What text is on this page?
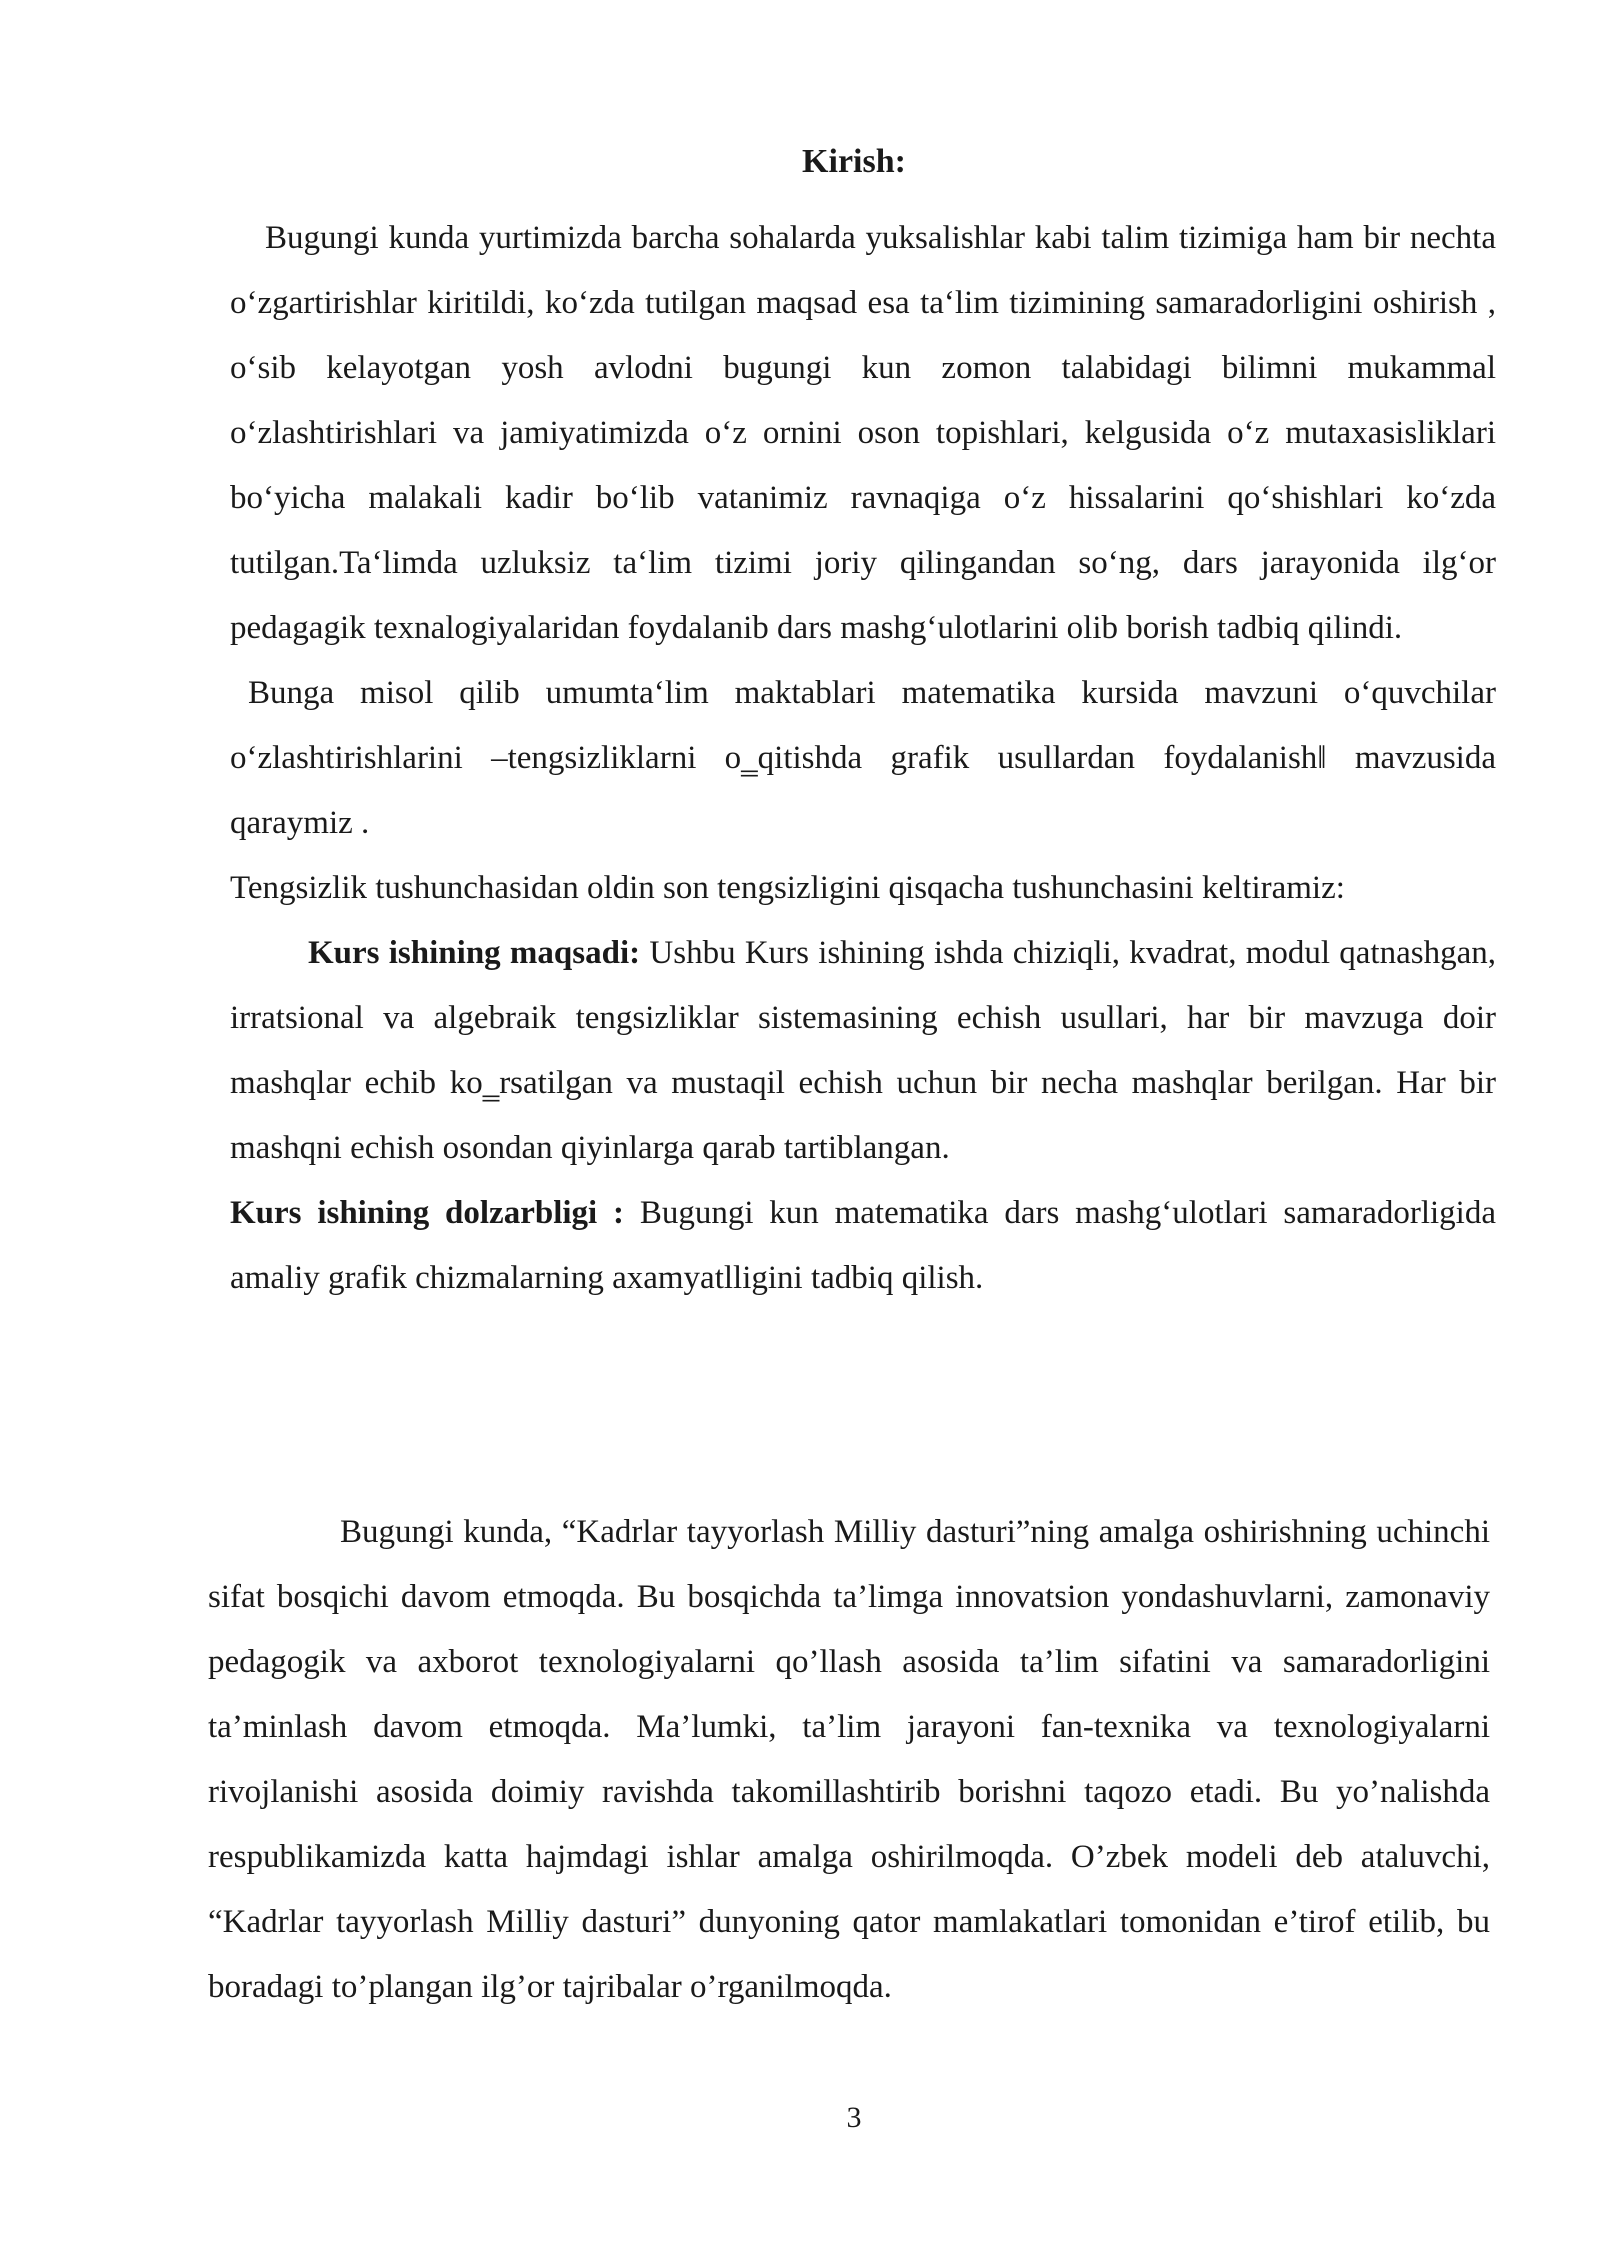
Kirish:

Bugungi kunda yurtimizda barcha sohalarda yuksalishlar kabi talim tizimiga ham bir nechta o‘zgartirishlar kiritildi, ko‘zda tutilgan maqsad esa ta‘lim tizimining samaradorligini oshirish , o‘sib kelayotgan yosh avlodni bugungi kun zomon talabidagi bilimni mukammal o‘zlashtirishlari va jamiyatimizda o‘z ornini oson topishlari, kelgusida o‘z mutaxasisliklari bo‘yicha malakali kadir bo‘lib vatanimiz ravnaqiga o‘z hissalarini qo‘shishlari ko‘zda tutilgan.Ta‘limda uzluksiz ta‘lim tizimi joriy qilingandan so‘ng, dars jarayonida ilg‘or pedagagik texnalogiyalaridan foydalanib dars mashg‘ulotlarini olib borish tadbiq qilindi.

Bunga misol qilib umumta‘lim maktablari matematika kursida mavzuni o‘quvchilar o‘zlashtirishlarini –tengsizliklarni o‗qitishda grafik usullardan foydalanish‖ mavzusida qaraymiz .

Tengsizlik tushunchasidan oldin son tengsizligini qisqacha tushunchasini keltiramiz:

Kurs ishining maqsadi: Ushbu Kurs ishining ishda chiziqli, kvadrat, modul qatnashgan, irratsional va algebraik tengsizliklar sistemasining echish usullari, har bir mavzuga doir mashqlar echib ko‗rsatilgan va mustaqil echish uchun bir necha mashqlar berilgan. Har bir mashqni echish osondan qiyinlarga qarab tartiblangan.

Kurs ishining dolzarbligi : Bugungi kun matematika dars mashg‘ulotlari samaradorligida amaliy grafik chizmalarning axamyatlligini tadbiq qilish.

Bugungi kunda, “Kadrlar tayyorlash Milliy dasturi”ning amalga oshirishning uchinchi sifat bosqichi davom etmoqda. Bu bosqichda ta’limga innovatsion yondashuvlarni, zamonaviy pedagogik va axborot texnologiyalarni qo’llash asosida ta’lim sifatini va samaradorligini ta’minlash davom etmoqda. Ma’lumki, ta’lim jarayoni fan-texnika va texnologiyalarni rivojlanishi asosida doimiy ravishda takomillashtirib borishni taqozo etadi. Bu yo’nalishda respublikamizda katta hajmdagi ishlar amalga oshirilmoqda. O’zbek modeli deb ataluvchi, “Kadrlar tayyorlash Milliy dasturi” dunyoning qator mamlakatlari tomonidan e’tirof etilib, bu boradagi to’plangan ilg’or tajribalar o’rganilmoqda.

3
